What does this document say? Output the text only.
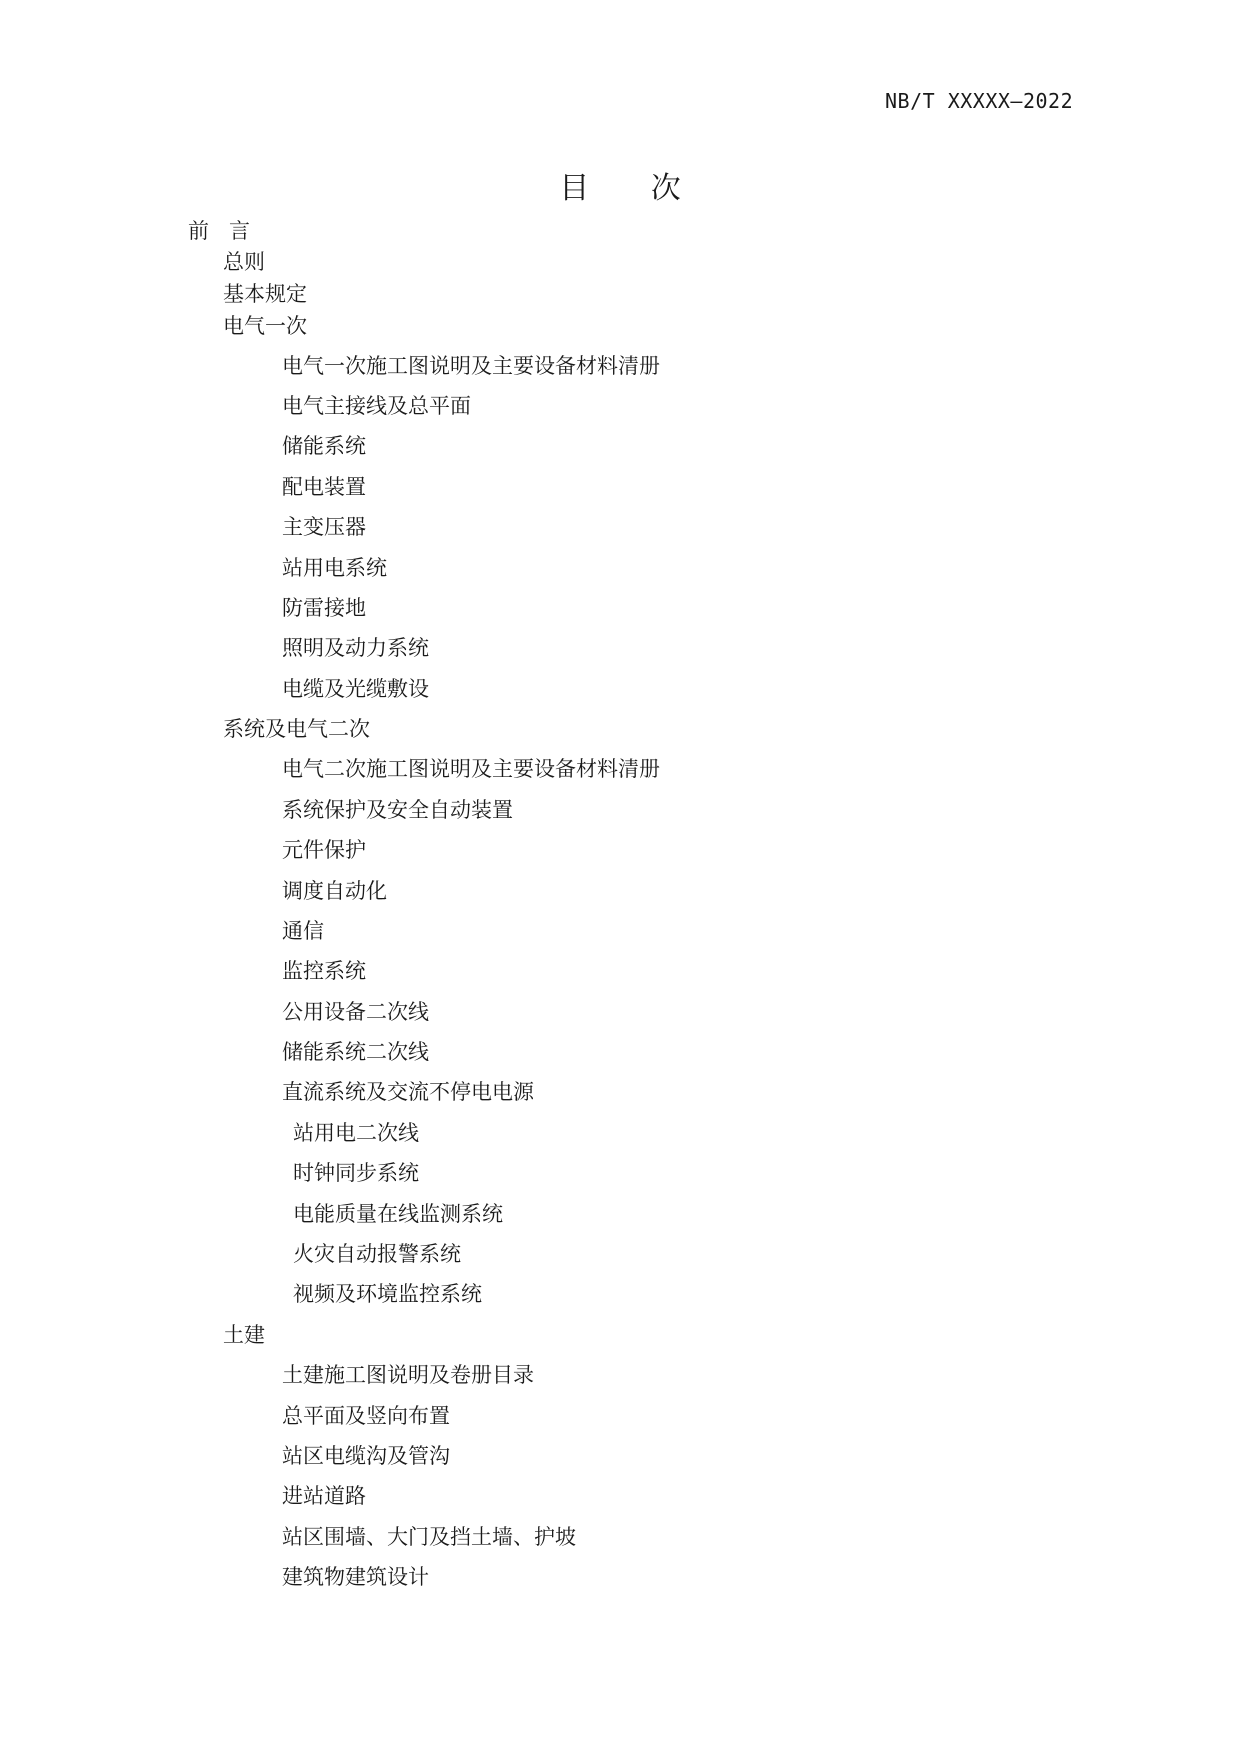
NB/T XXXXX—2022
目 次
前言
总则
基本规定
电气一次
电气一次施工图说明及主要设备材料清册
电气主接线及总平面
储能系统
配电装置
主变压器
站用电系统
防雷接地
照明及动力系统
电缆及光缆敷设
系统及电气二次
电气二次施工图说明及主要设备材料清册
系统保护及安全自动装置
元件保护
调度自动化
通信
监控系统
公用设备二次线
储能系统二次线
直流系统及交流不停电电源
站用电二次线
时钟同步系统
电能质量在线监测系统
火灾自动报警系统
视频及环境监控系统
土建
土建施工图说明及卷册目录
总平面及竖向布置
站区电缆沟及管沟
进站道路
站区围墙、大门及挡土墙、护坡
建筑物建筑设计
